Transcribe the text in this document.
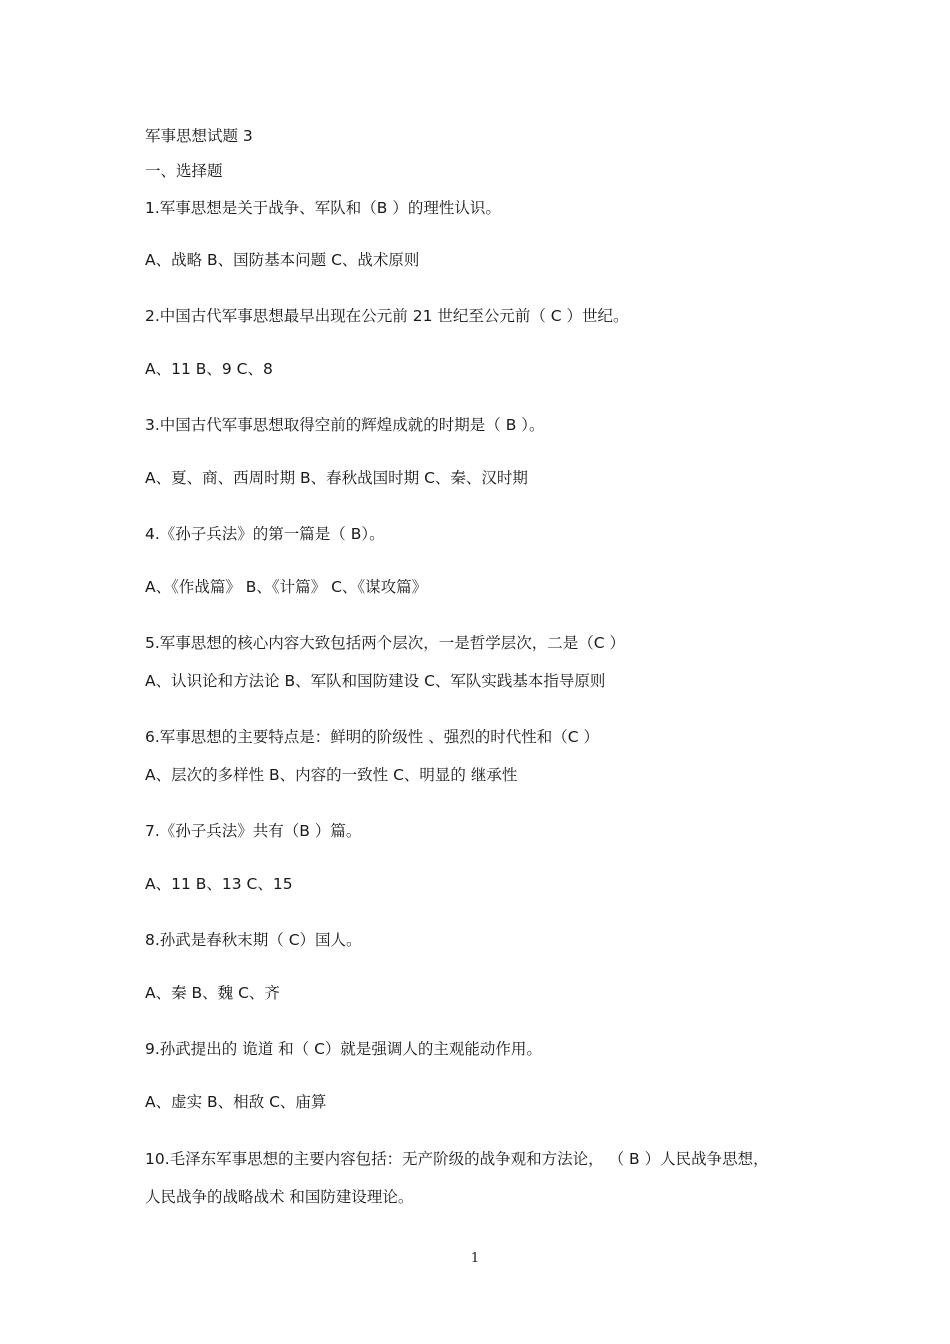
军事思想试题 3
一、选择题
1.军事思想是关于战争、军队和（B ）的理性认识。
A、战略 B、国防基本问题 C、战术原则
2.中国古代军事思想最早出现在公元前 21 世纪至公元前（ C ）世纪。
A、11 B、9 C、8
3.中国古代军事思想取得空前的辉煌成就的时期是（ B ）。
A、夏、商、西周时期 B、春秋战国时期 C、秦、汉时期
4.《孙子兵法》的第一篇是（ B）。
A、《作战篇》 B、《计篇》 C、《谋攻篇》
5.军事思想的核心内容大致包括两个层次，一是哲学层次，二是（C ）
A、认识论和方法论 B、军队和国防建设 C、军队实践基本指导原则
6.军事思想的主要特点是：鲜明的阶级性 、强烈的时代性和（C ）
A、层次的多样性 B、内容的一致性 C、明显的 继承性
7.《孙子兵法》共有（B ）篇。
A、11 B、13 C、15
8.孙武是春秋末期（ C）国人。
A、秦 B、魏 C、齐
9.孙武提出的 诡道 和（ C）就是强调人的主观能动作用。
A、虚实 B、相敌 C、庙算
10.毛泽东军事思想的主要内容包括：无产阶级的战争观和方法论， （ B ）人民战争思想，
人民战争的战略战术 和国防建设理论。
1
